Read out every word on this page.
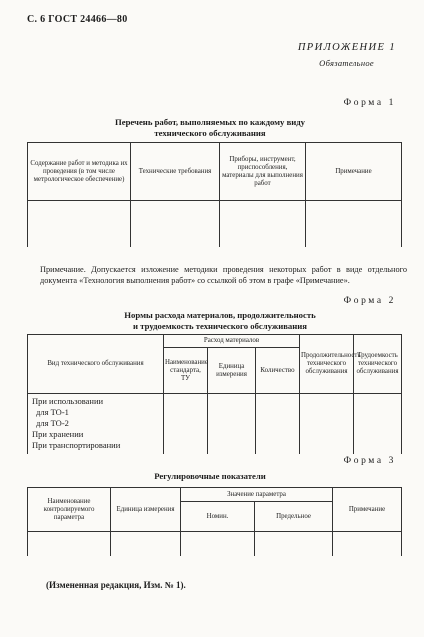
С. 6 ГОСТ 24466—80
ПРИЛОЖЕНИЕ 1
Обязательное
Форма 1
Перечень работ, выполняемых по каждому виду
технического обслуживания
Содержание работ и методика их проведения (в том числе метрологическое обеспечение)	Технические требования	Приборы, инструмент, приспособления, материалы для выполнения работ	Примечание

Примечание. Допускается изложение методики проведения некоторых работ в виде отдельного документа «Технология выполнения работ» со ссылкой об этом в графе «Примечание».
Форма 2
Нормы расхода материалов, продолжительность
и трудоемкость технического обслуживания
Вид технического обслуживания	Расход материалов			Продолжительность технического обслуживания	Трудоемкость технического обслуживания
	Наименование стандарта, ТУ	Единица измерения	Количество		

При использовании
для ТО-1
для ТО-2
При хранении
При транспортировании					

Форма 3
Регулировочные показатели
Наименование контролируемого параметра	Единица измерения	Значение параметра		Примечание
		Номин.	Предельное	

(Измененная редакция, Изм. № 1).
